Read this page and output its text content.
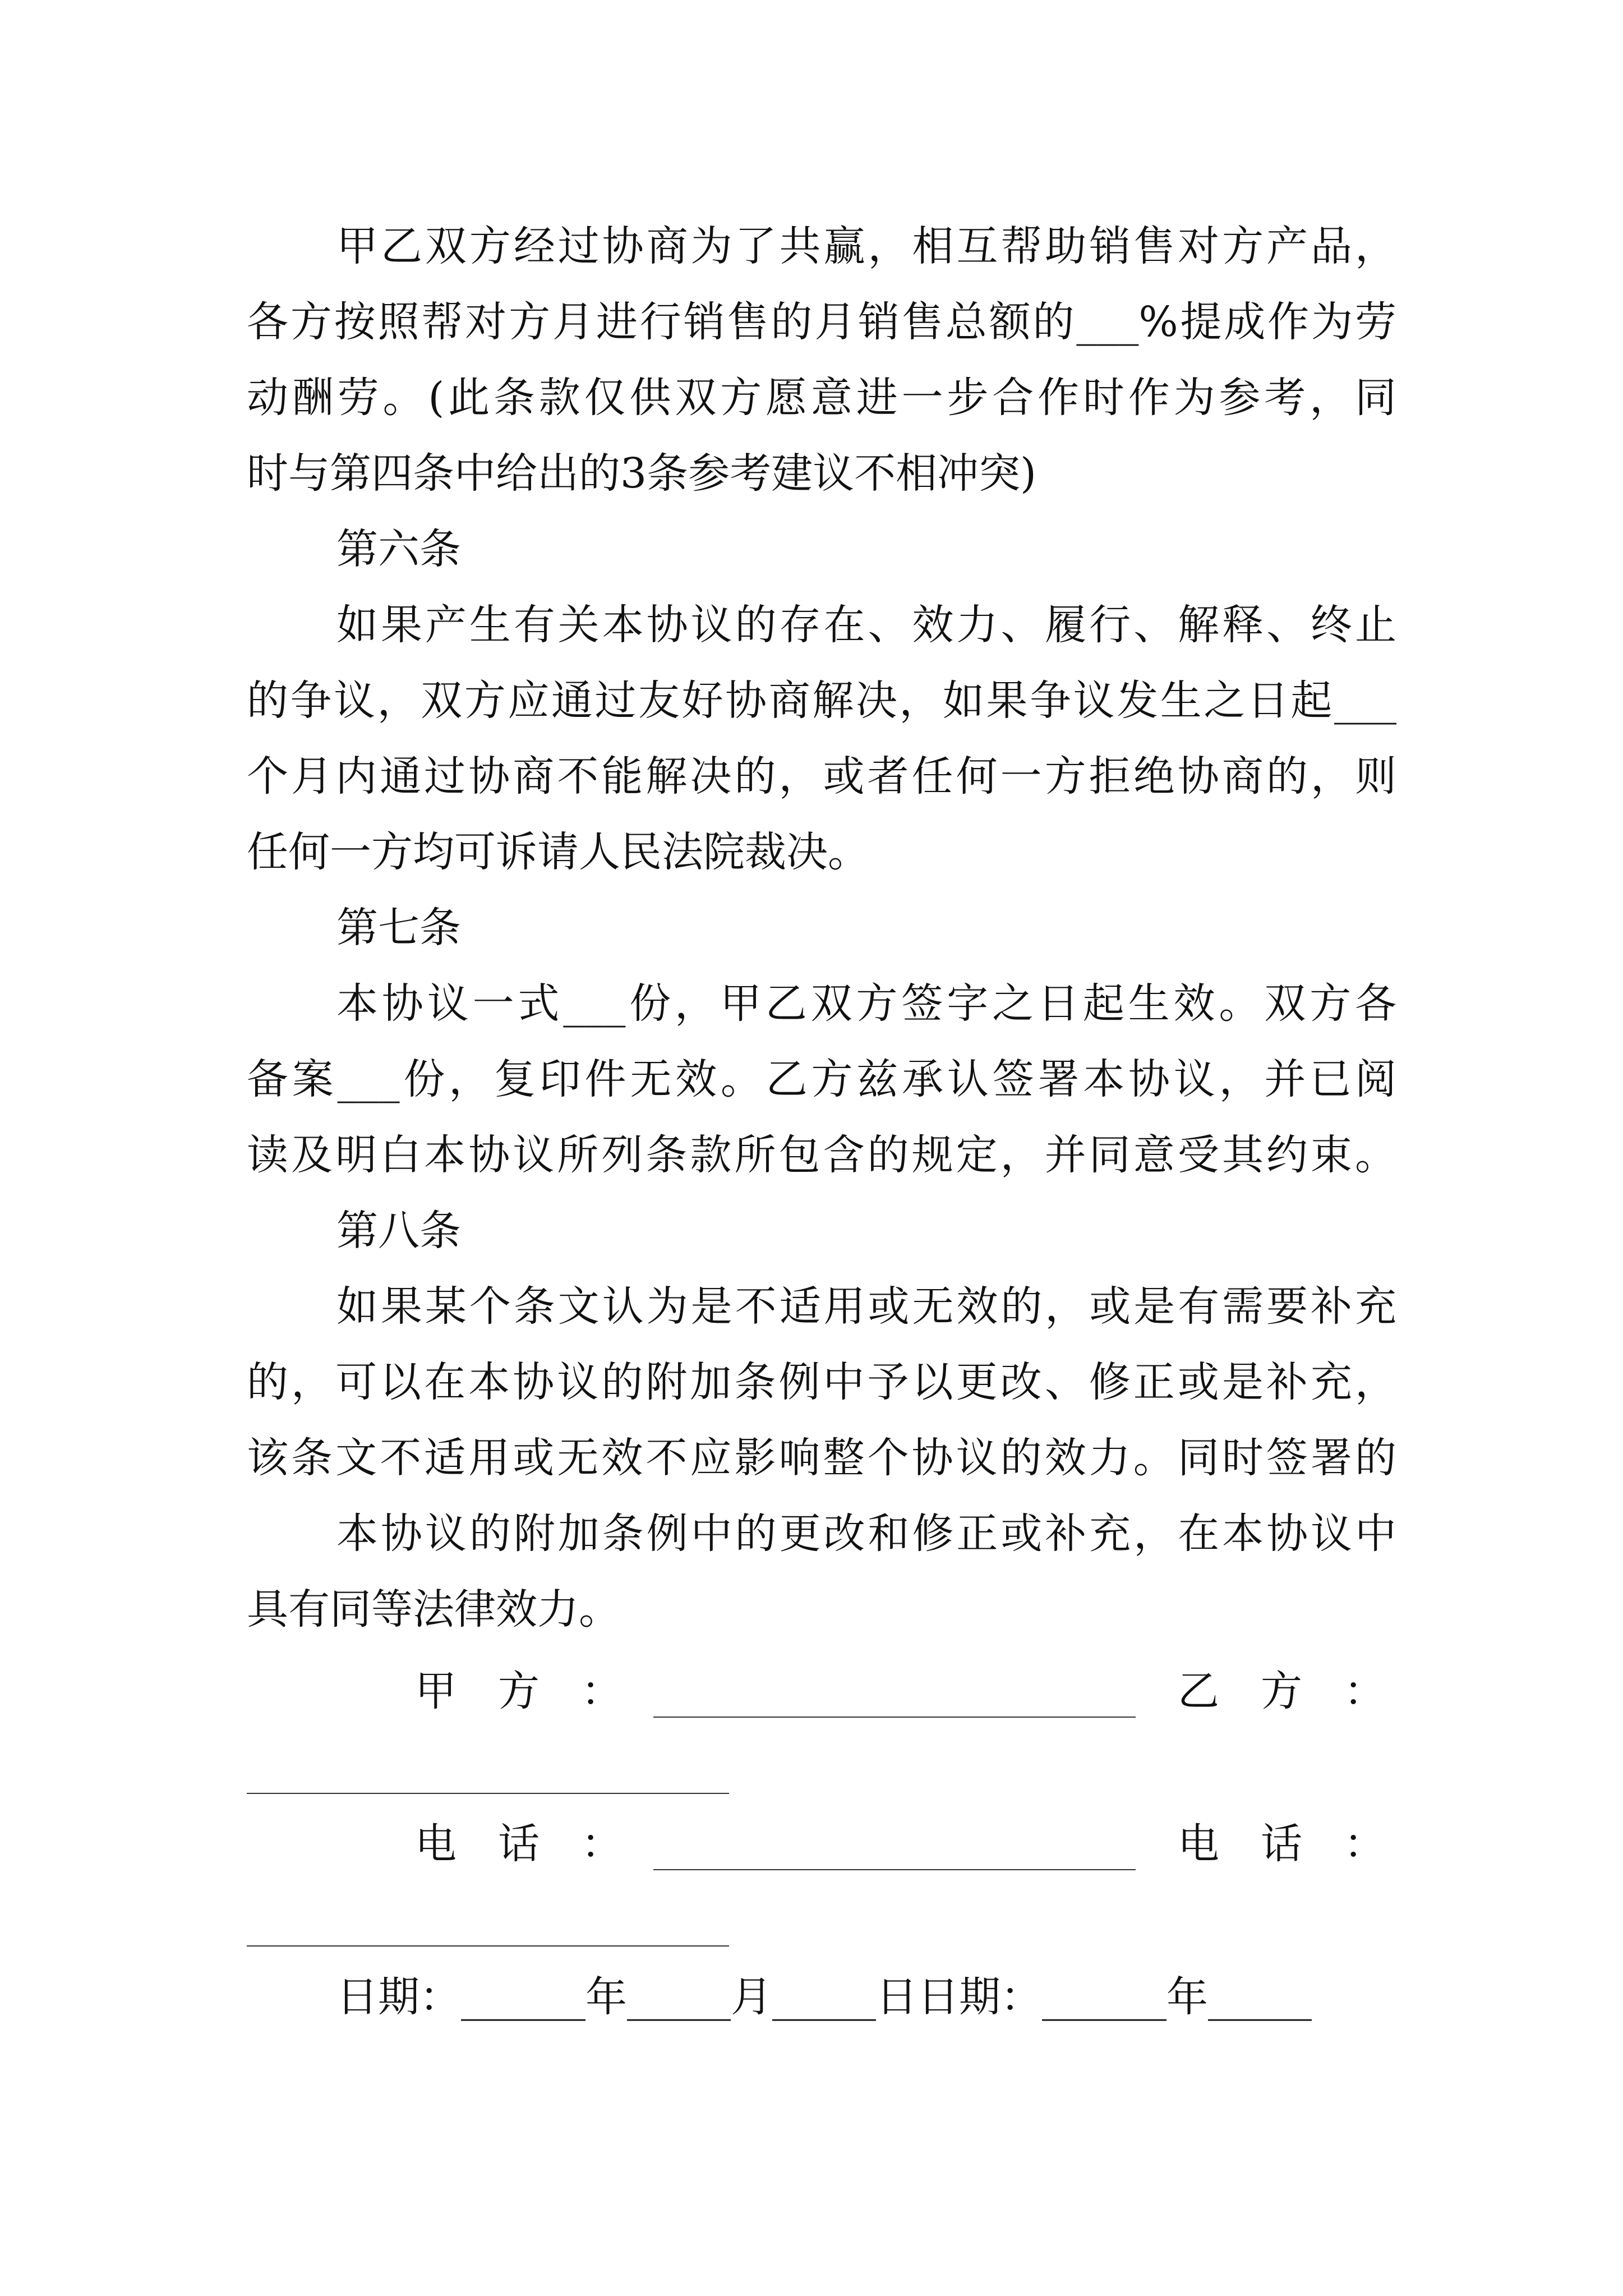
甲乙双方经过协商为了共赢，相互帮助销售对方产品，
各方按照帮对方月进行销售的月销售总额的___%提成作为劳
动酬劳。(此条款仅供双方愿意进一步合作时作为参考，同
时与第四条中给出的3条参考建议不相冲突)
第六条
如果产生有关本协议的存在、效力、履行、解释、终止
的争议，双方应通过友好协商解决，如果争议发生之日起___
个月内通过协商不能解决的，或者任何一方拒绝协商的，则
任何一方均可诉请人民法院裁决。
第七条
本协议一式___份，甲乙双方签字之日起生效。双方各
备案___份，复印件无效。乙方兹承认签署本协议，并已阅
读及明白本协议所列条款所包含的规定，并同意受其约束。
第八条
如果某个条文认为是不适用或无效的，或是有需要补充
的，可以在本协议的附加条例中予以更改、修正或是补充，
该条文不适用或无效不应影响整个协议的效力。同时签署的
本协议的附加条例中的更改和修正或补充，在本协议中
具有同等法律效力。
甲　方　：	乙　方　：
电　话　：	电　话　：
日期：______年_____月_____日日期：______年_____
